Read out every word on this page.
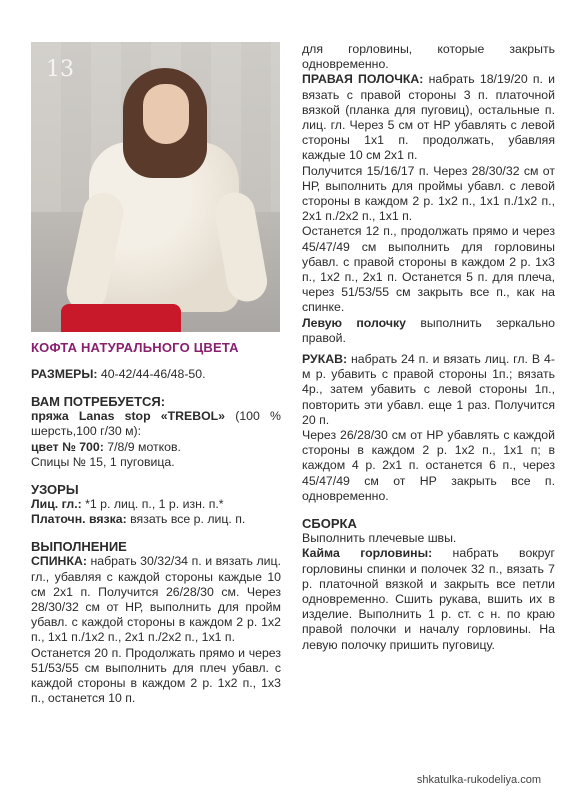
13
КОФТА НАТУРАЛЬНОГО ЦВЕТА

РАЗМЕРЫ: 40-42/44-46/48-50.

ВАМ ПОТРЕБУЕТСЯ:

пряжа Lanas stop «TREBOL» (100 % шерсть,100 г/30 м):

цвет № 700: 7/8/9 мотков.

Спицы № 15, 1 пуговица.

УЗОРЫ

Лиц. гл.: *1 р. лиц. п., 1 р. изн. п.*

Платочн. вязка: вязать все р. лиц. п.

ВЫПОЛНЕНИЕ

СПИНКА: набрать 30/32/34 п. и вязать лиц. гл., убавляя с каждой стороны каждые 10 см 2х1 п. Получится 26/28/30 см. Через 28/30/32 см от НР, выполнить для пройм убавл. с каждой стороны в каждом 2 р. 1х2 п., 1х1 п./1х2 п., 2х1 п./2х2 п., 1х1 п.

Останется 20 п. Продолжать прямо и через 51/53/55 см выполнить для плеч убавл. с каждой стороны в каждом 2 р. 1х2 п., 1х3 п., останется 10 п.

для горловины, которые закрыть одновременно.

ПРАВАЯ ПОЛОЧКА: набрать 18/19/20 п. и вязать с правой стороны 3 п. платочной вязкой (планка для пуговиц), остальные п. лиц. гл. Через 5 см от НР убавлять с левой стороны 1х1 п. продолжать, убавляя каждые 10 см 2х1 п.

Получится 15/16/17 п. Через 28/30/32 см от НР, выполнить для проймы убавл. с левой стороны в каждом 2 р. 1х2 п., 1х1 п./1х2 п., 2х1 п./2х2 п., 1х1 п.

Останется 12 п., продолжать прямо и через 45/47/49 см выполнить для горловины убавл. с правой стороны в каждом 2 р. 1х3 п., 1х2 п., 2х1 п. Останется 5 п. для плеча, через 51/53/55 см закрыть все п., как на спинке.

Левую полочку выполнить зеркально правой.

РУКАВ: набрать 24 п. и вязать лиц. гл. В 4-м р. убавить с правой стороны 1п.; вязать 4р., затем убавить с левой стороны 1п., повторить эти убавл. еще 1 раз. Получится 20 п.

Через 26/28/30 см от НР убавлять с каждой стороны в каждом 2 р. 1х2 п., 1х1 п; в каждом 4 р. 2х1 п. останется 6 п., через 45/47/49 см от НР закрыть все п. одновременно.

СБОРКА

Выполнить плечевые швы.

Кайма горловины: набрать вокруг горловины спинки и полочек 32 п., вязать 7 р. платочной вязкой и закрыть все петли одновременно. Сшить рукава, вшить их в изделие. Выполнить 1 р. ст. с н. по краю правой полочки и началу горловины. На левую полочку пришить пуговицу.

shkatulka-rukodeliya.com
